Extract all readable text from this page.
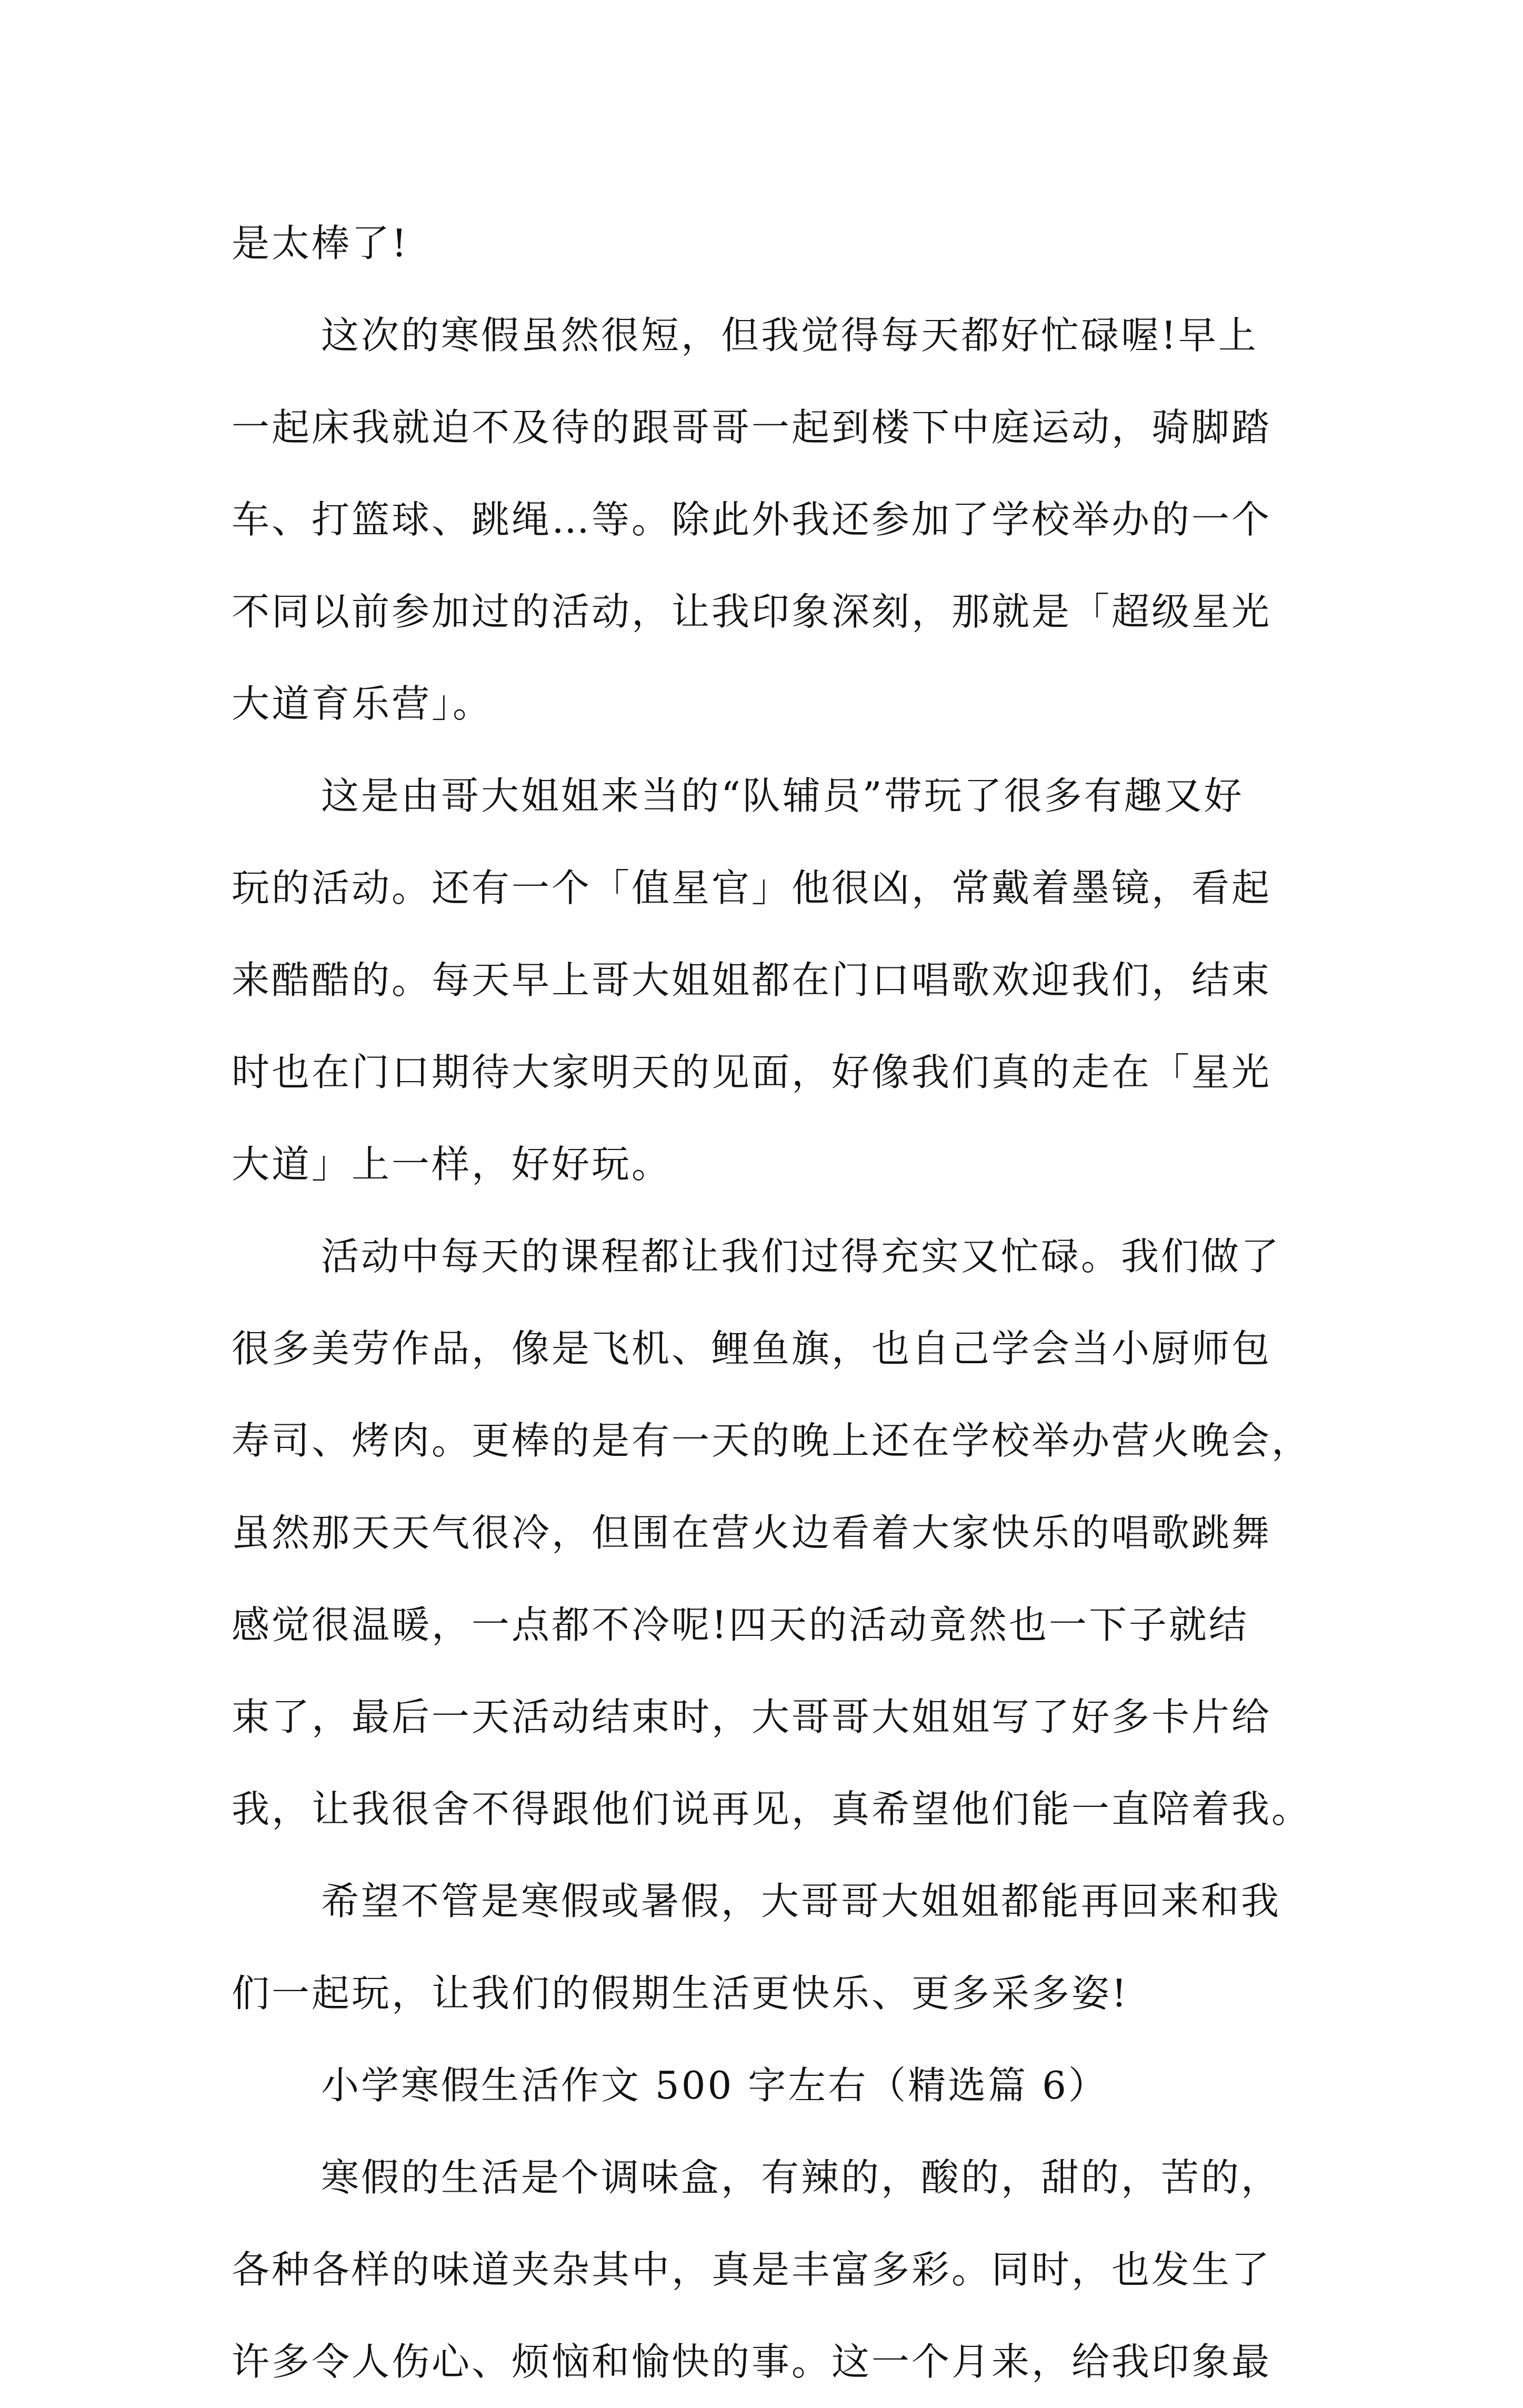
是太棒了!
这次的寒假虽然很短，但我觉得每天都好忙碌喔!早上
一起床我就迫不及待的跟哥哥一起到楼下中庭运动，骑脚踏
车、打篮球、跳绳…等。除此外我还参加了学校举办的一个
不同以前参加过的活动，让我印象深刻，那就是「超级星光
大道育乐营」。
这是由哥大姐姐来当的“队辅员”带玩了很多有趣又好
玩的活动。还有一个「值星官」他很凶，常戴着墨镜，看起
来酷酷的。每天早上哥大姐姐都在门口唱歌欢迎我们，结束
时也在门口期待大家明天的见面，好像我们真的走在「星光
大道」上一样，好好玩。
活动中每天的课程都让我们过得充实又忙碌。我们做了
很多美劳作品，像是飞机、鲤鱼旗，也自己学会当小厨师包
寿司、烤肉。更棒的是有一天的晚上还在学校举办营火晚会，
虽然那天天气很冷，但围在营火边看着大家快乐的唱歌跳舞
感觉很温暖，一点都不冷呢!四天的活动竟然也一下子就结
束了，最后一天活动结束时，大哥哥大姐姐写了好多卡片给
我，让我很舍不得跟他们说再见，真希望他们能一直陪着我。
希望不管是寒假或暑假，大哥哥大姐姐都能再回来和我
们一起玩，让我们的假期生活更快乐、更多采多姿!
小学寒假生活作文 500 字左右（精选篇 6）
寒假的生活是个调味盒，有辣的，酸的，甜的，苦的，
各种各样的味道夹杂其中，真是丰富多彩。同时，也发生了
许多令人伤心、烦恼和愉快的事。这一个月来，给我印象最
